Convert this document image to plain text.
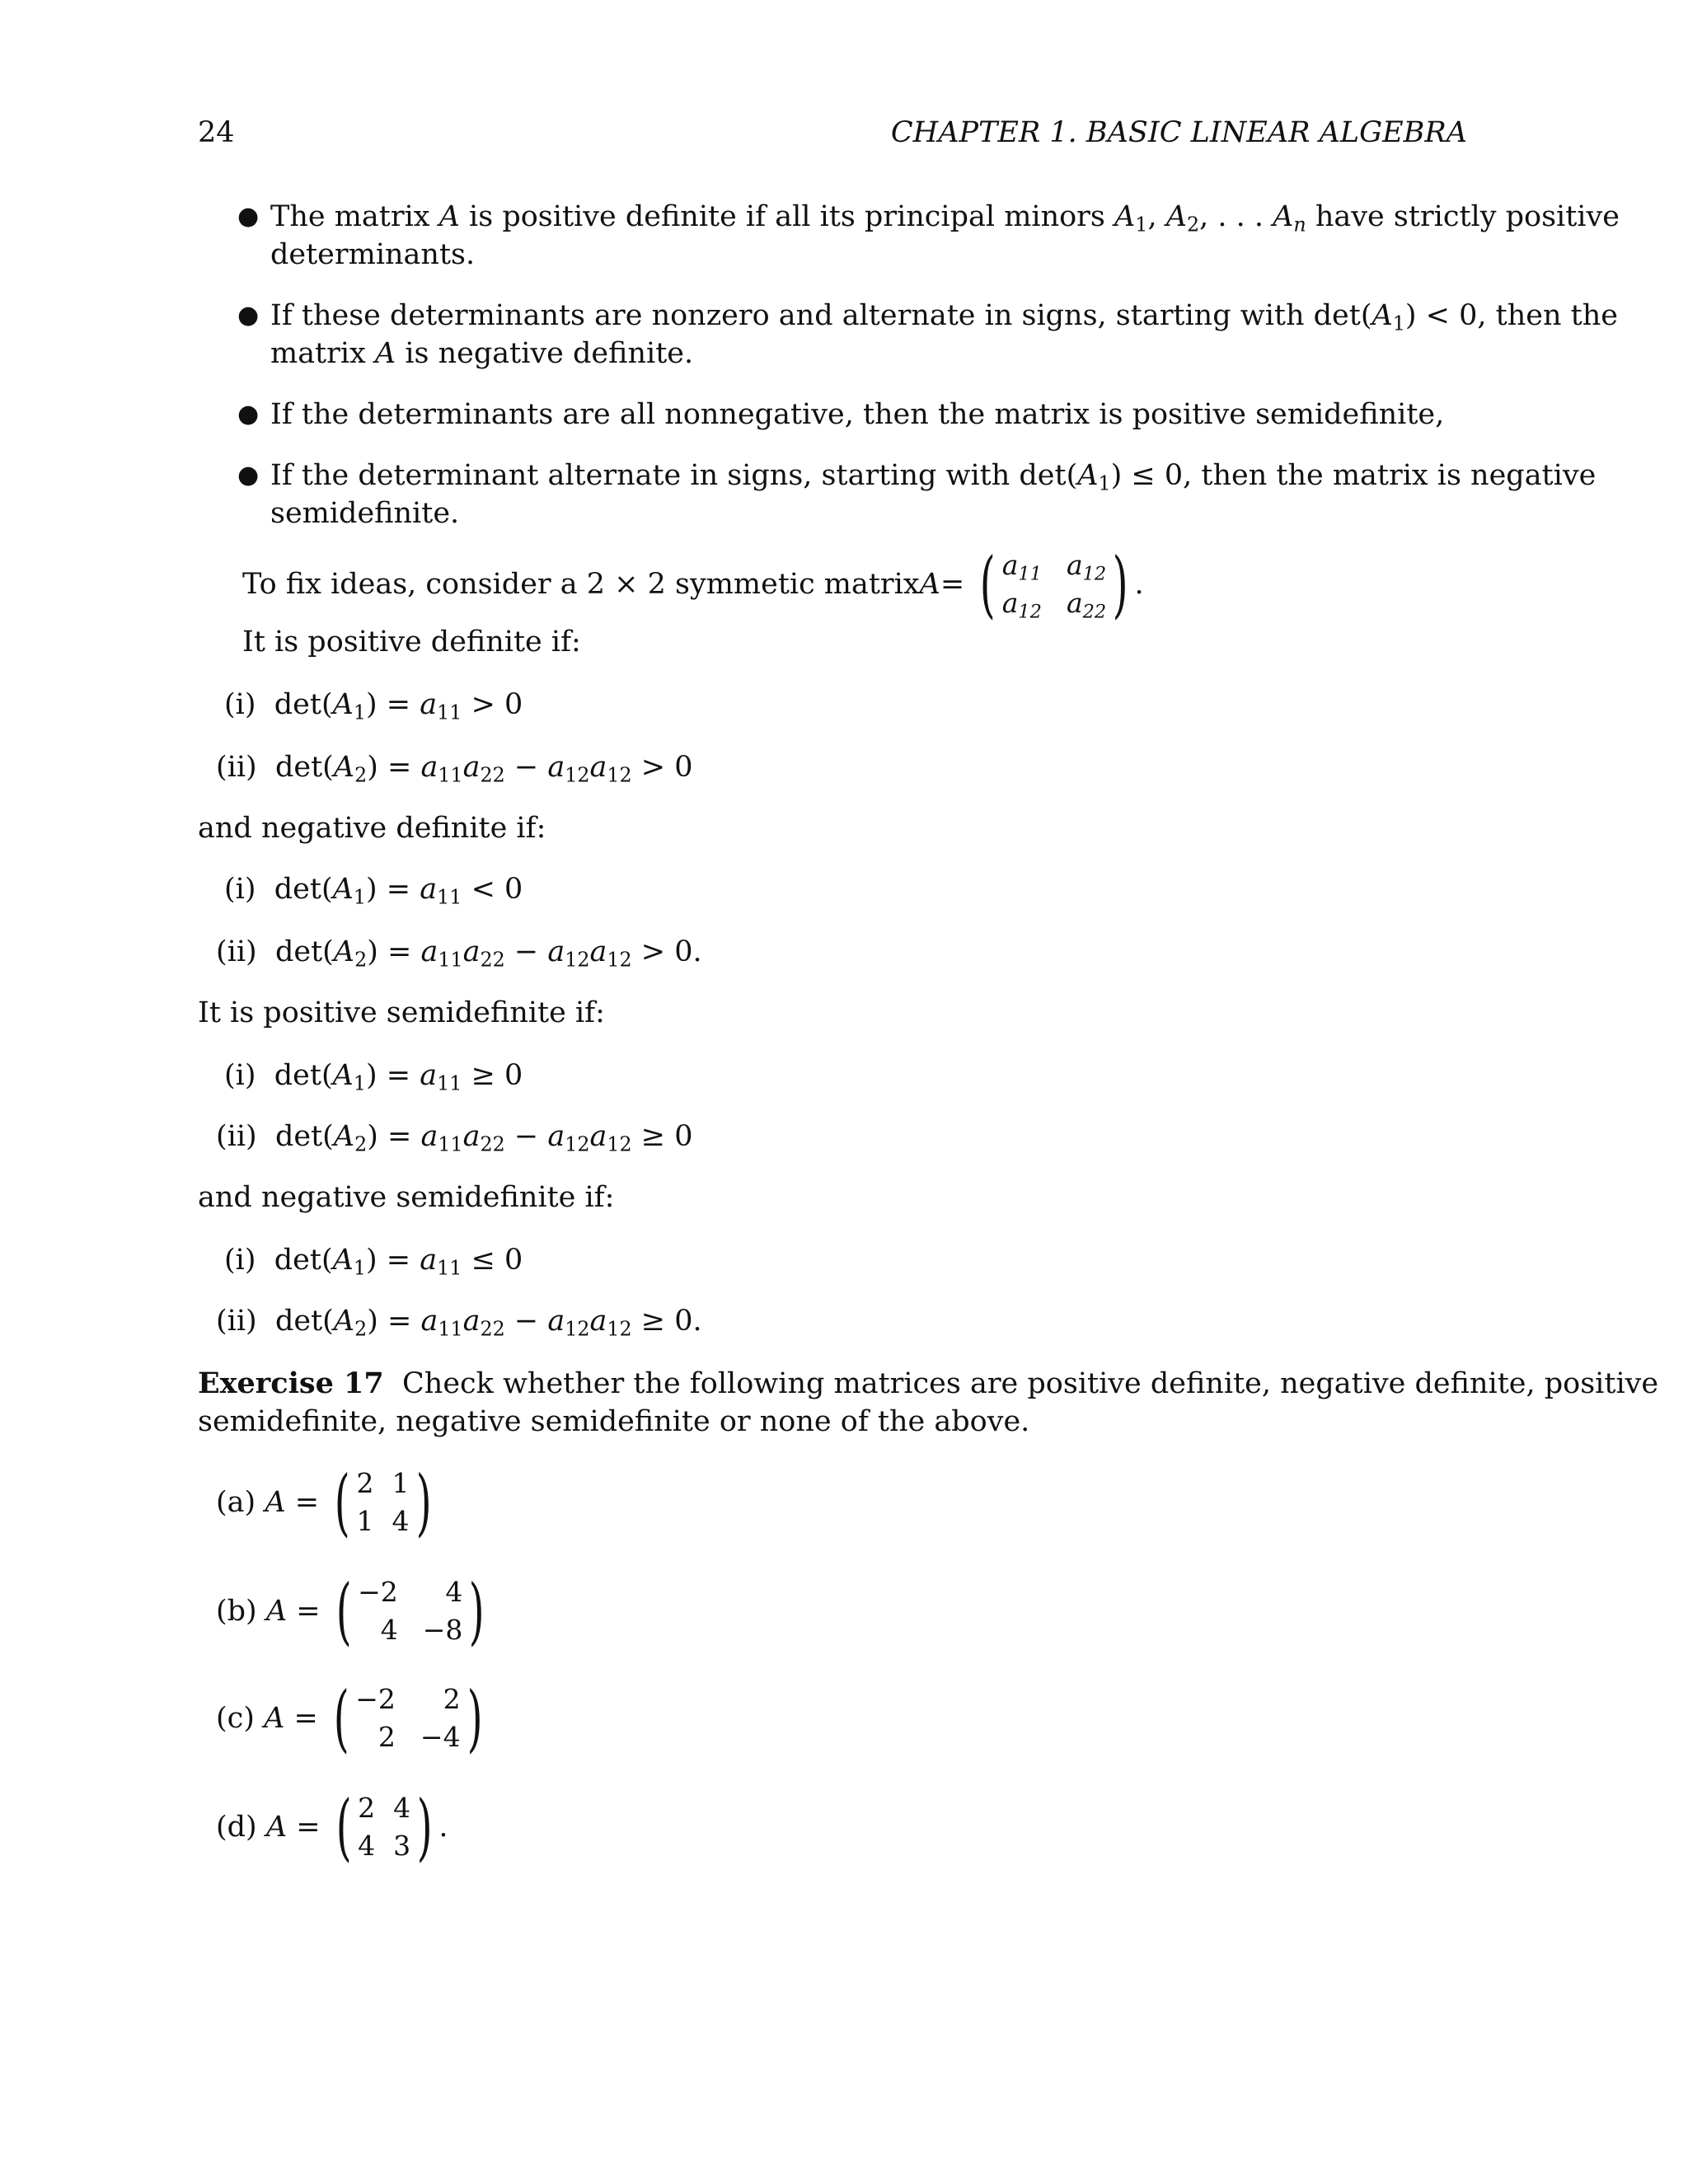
24	CHAPTER 1. BASIC LINEAR ALGEBRA
● The matrix A is positive definite if all its principal minors $A_1$, $A_2$, . . . $A_n$ have strictly positive
determinants.
● If these determinants are nonzero and alternate in signs, starting with $\det(A_1) < 0$, then the
matrix A is negative definite.
● If the determinants are all nonnegative, then the matrix is positive semidefinite,
● If the determinant alternate in signs, starting with $\det(A_1) \le 0$, then the matrix is negative
semidefinite.
To fix ideas, consider a 2 × 2 symmetic matrix A =
( $a_{11}$ $a_{12}$
$a_{12}$ $a_{22}$ ) .
It is positive definite if:
(i)  $\det(A_1) = a_{11} > 0$
(ii)  $\det(A_2) = a_{11}a_{22} - a_{12}a_{12} > 0$
and negative definite if:
(i)  $\det(A_1) = a_{11} < 0$
(ii)  $\det(A_2) = a_{11}a_{22} - a_{12}a_{12} > 0$.
It is positive semidefinite if:
(i)  $\det(A_1) = a_{11} \ge 0$
(ii)  $\det(A_2) = a_{11}a_{22} - a_{12}a_{12} \ge 0$
and negative semidefinite if:
(i)  $\det(A_1) = a_{11} \le 0$
(ii)  $\det(A_2) = a_{11}a_{22} - a_{12}a_{12} \ge 0$.
Exercise 17 Check whether the following matrices are positive definite, negative definite, positive
semidefinite, negative semidefinite or none of the above.
(a)
A = ( 2 1
1 4 )
(b)
A = ( −2	4
4 −8 )
(c)
A = ( −2	2
2 −4 )
(d)
A = ( 2 4
4 3 ) .
